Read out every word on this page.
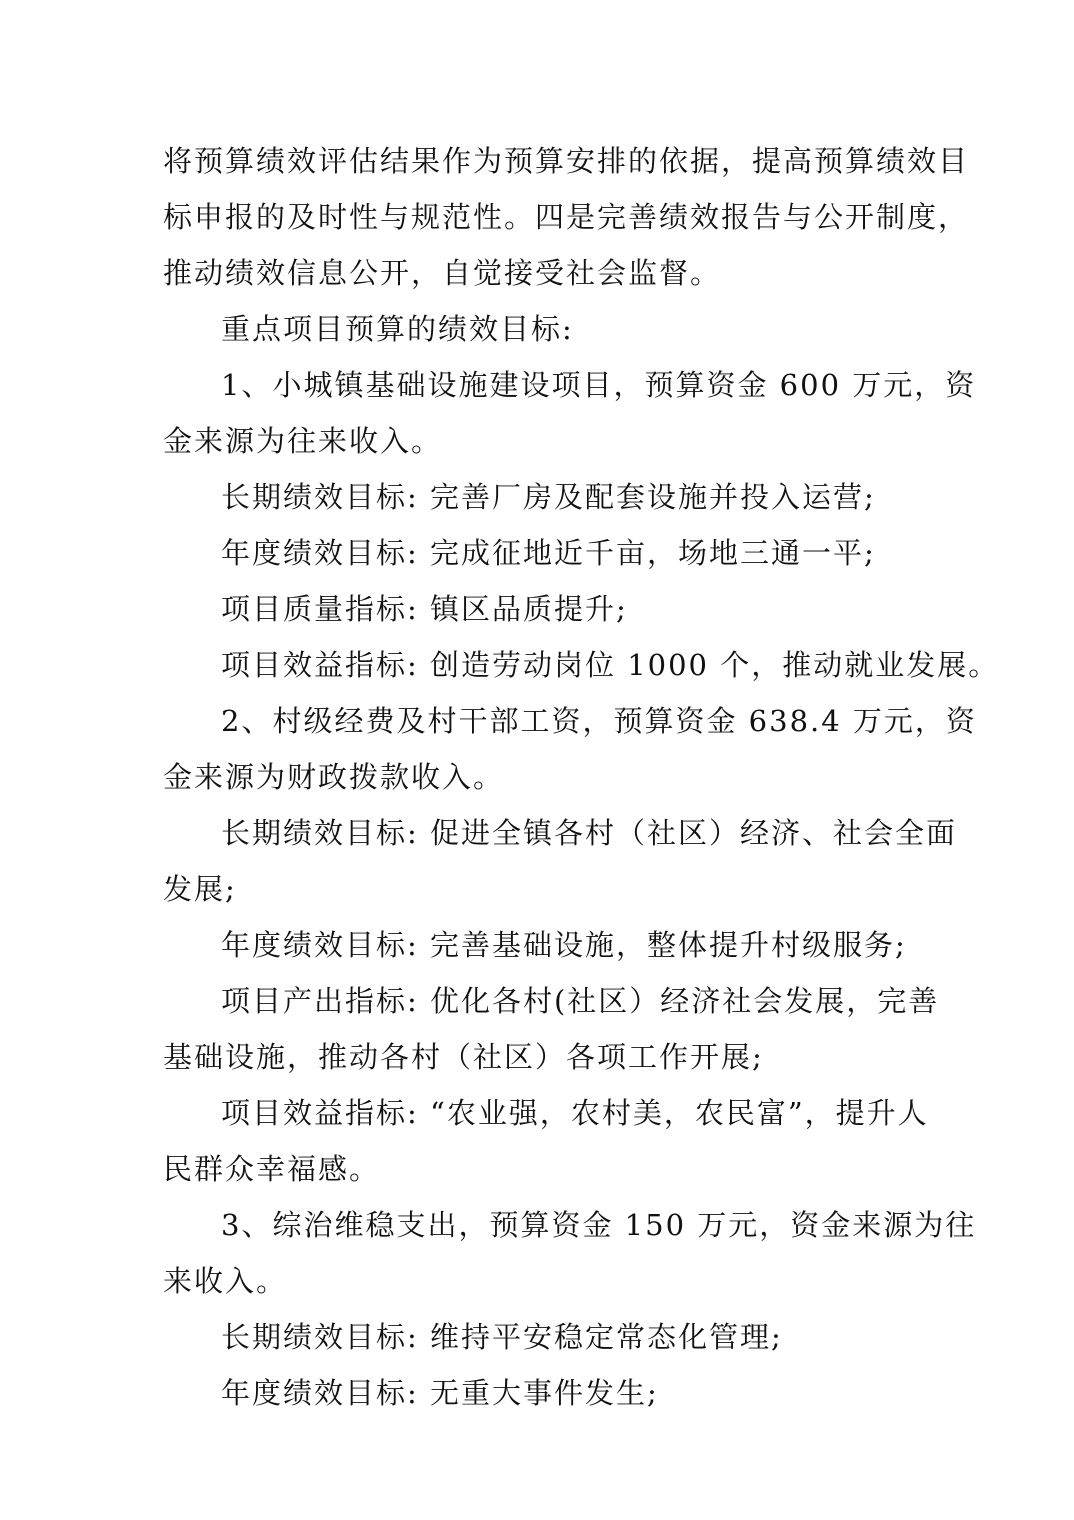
将预算绩效评估结果作为预算安排的依据，提高预算绩效目
标申报的及时性与规范性。四是完善绩效报告与公开制度，
推动绩效信息公开，自觉接受社会监督。
重点项目预算的绩效目标:
1、小城镇基础设施建设项目，预算资金 600 万元，资
金来源为往来收入。
长期绩效目标: 完善厂房及配套设施并投入运营;
年度绩效目标: 完成征地近千亩，场地三通一平;
项目质量指标: 镇区品质提升;
项目效益指标: 创造劳动岗位 1000 个，推动就业发展。
2、村级经费及村干部工资，预算资金 638.4 万元，资
金来源为财政拨款收入。
长期绩效目标: 促进全镇各村（社区）经济、社会全面
发展;
年度绩效目标: 完善基础设施，整体提升村级服务;
项目产出指标: 优化各村(社区）经济社会发展，完善
基础设施，推动各村（社区）各项工作开展;
项目效益指标: “农业强，农村美，农民富”，提升人
民群众幸福感。
3、综治维稳支出，预算资金 150 万元，资金来源为往
来收入。
长期绩效目标: 维持平安稳定常态化管理;
年度绩效目标: 无重大事件发生;
